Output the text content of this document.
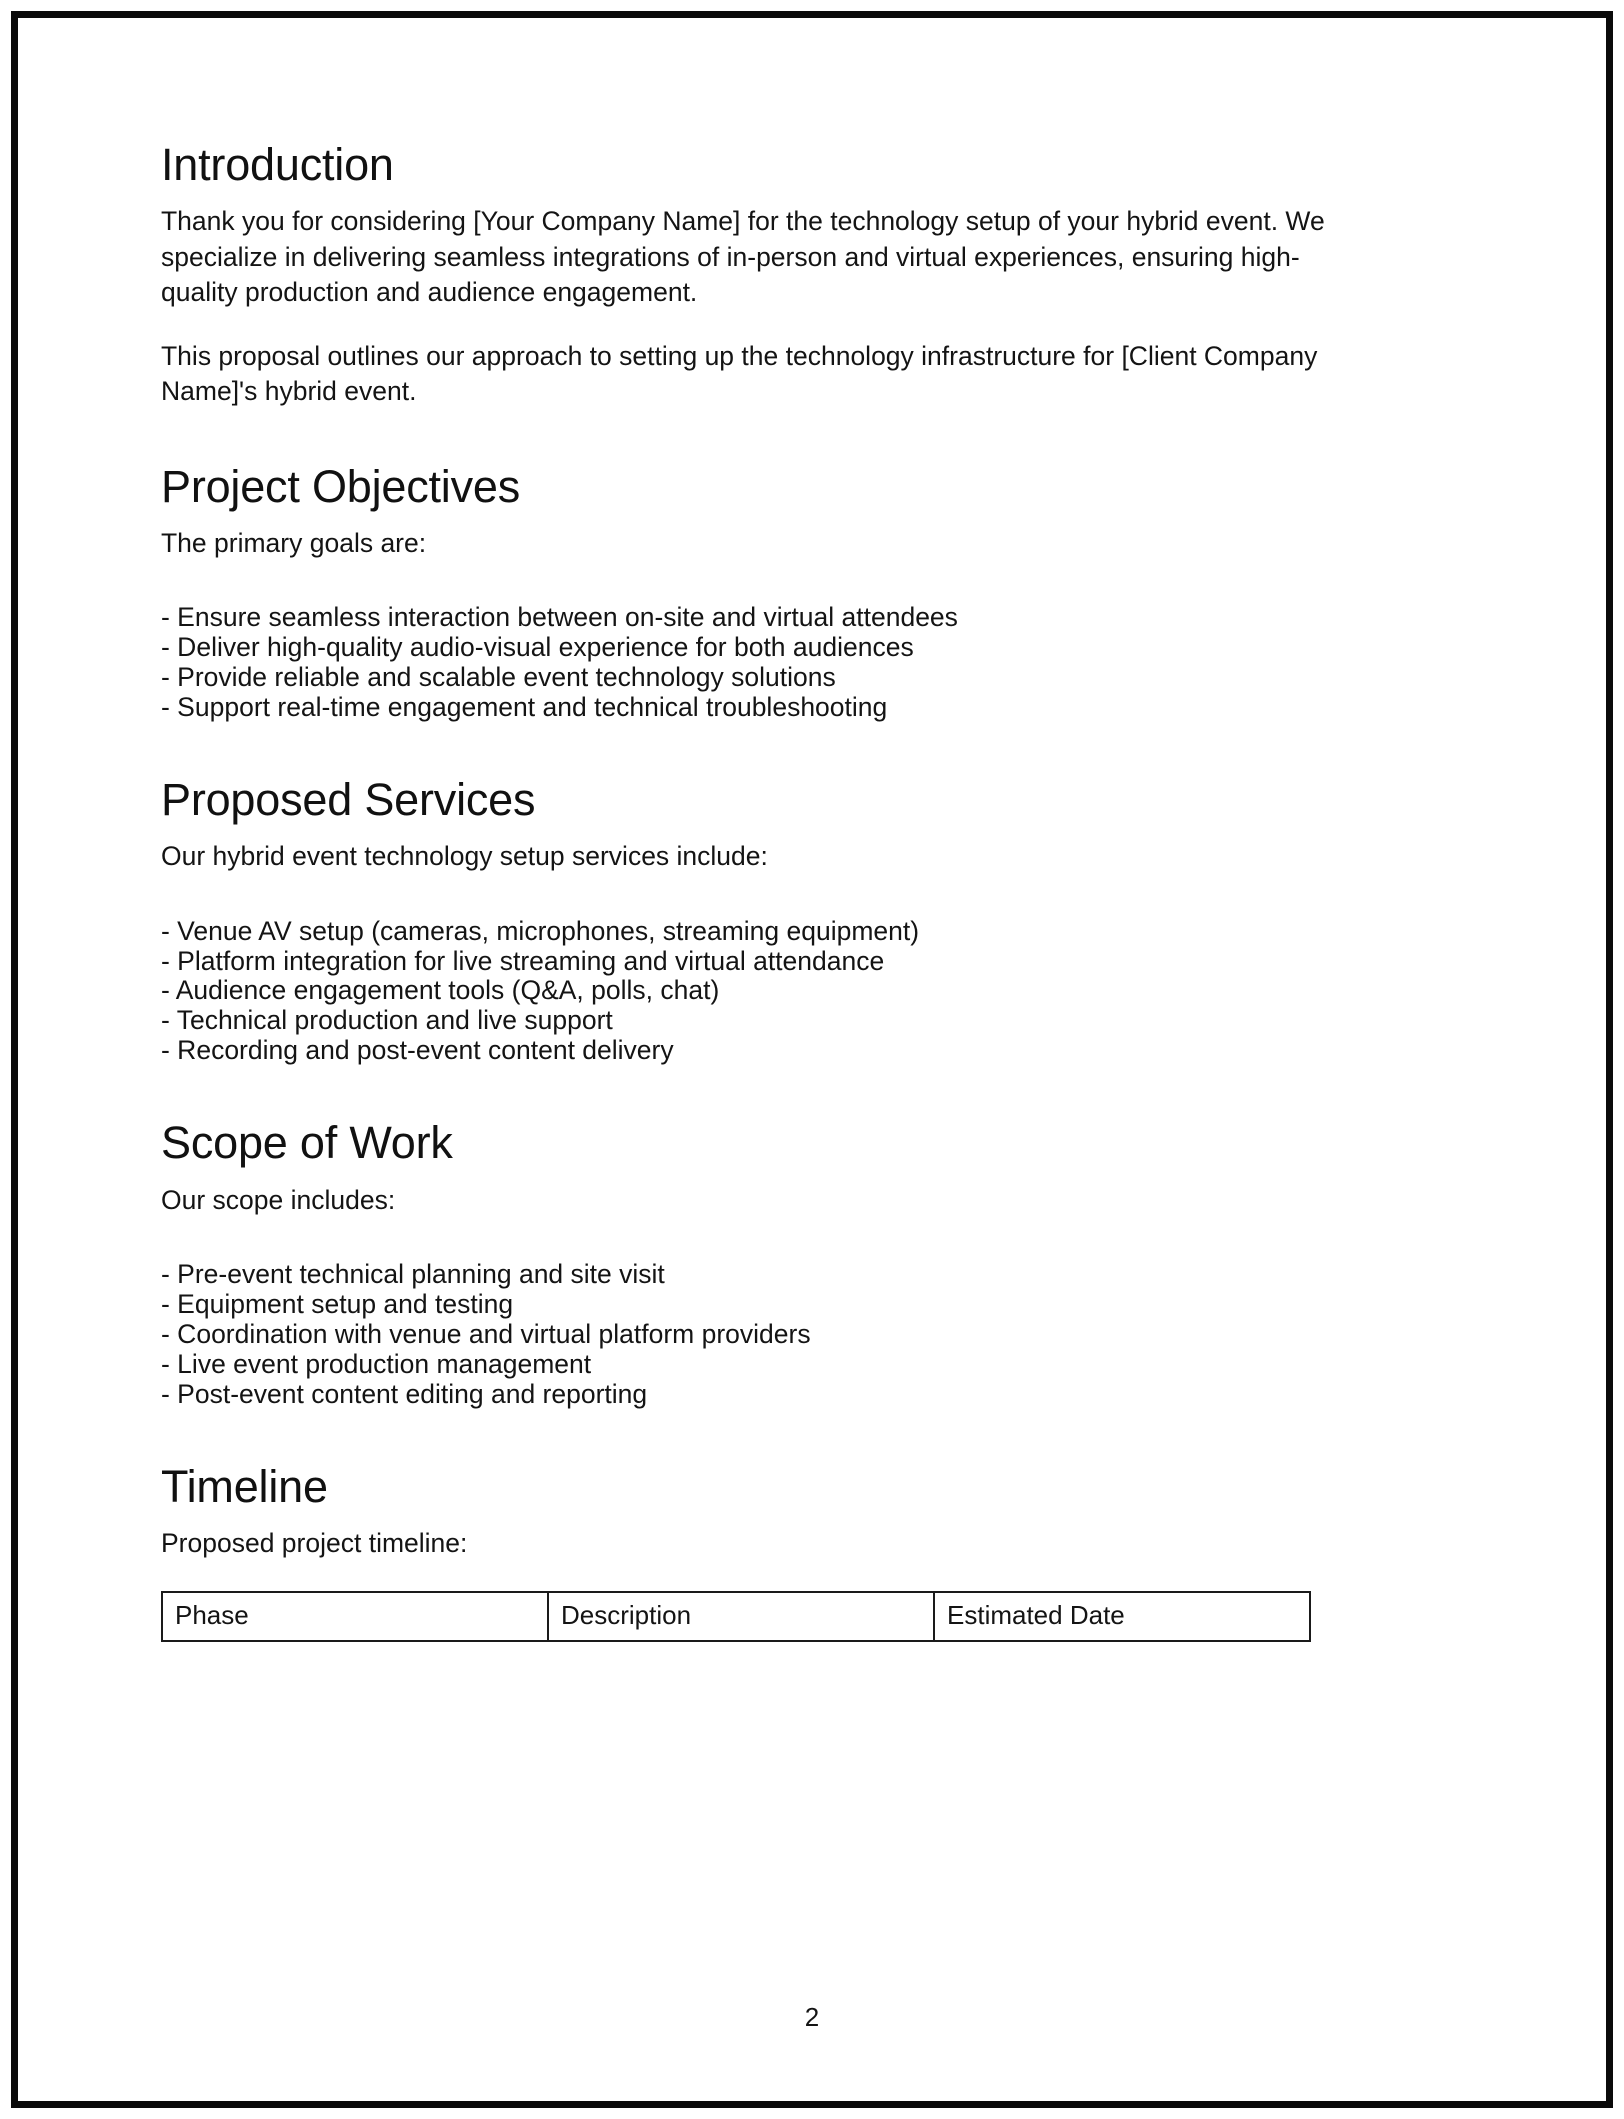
Introduction

Thank you for considering [Your Company Name] for the technology setup of your hybrid event. We specialize in delivering seamless integrations of in-person and virtual experiences, ensuring high-quality production and audience engagement.

This proposal outlines our approach to setting up the technology infrastructure for [Client Company Name]'s hybrid event.

Project Objectives

The primary goals are:

- Ensure seamless interaction between on-site and virtual attendees
- Deliver high-quality audio-visual experience for both audiences
- Provide reliable and scalable event technology solutions
- Support real-time engagement and technical troubleshooting
Proposed Services

Our hybrid event technology setup services include:

- Venue AV setup (cameras, microphones, streaming equipment)
- Platform integration for live streaming and virtual attendance
- Audience engagement tools (Q&A, polls, chat)
- Technical production and live support
- Recording and post-event content delivery
Scope of Work

Our scope includes:

- Pre-event technical planning and site visit
- Equipment setup and testing
- Coordination with venue and virtual platform providers
- Live event production management
- Post-event content editing and reporting
Timeline

Proposed project timeline:

Phase	Description	Estimated Date
2
